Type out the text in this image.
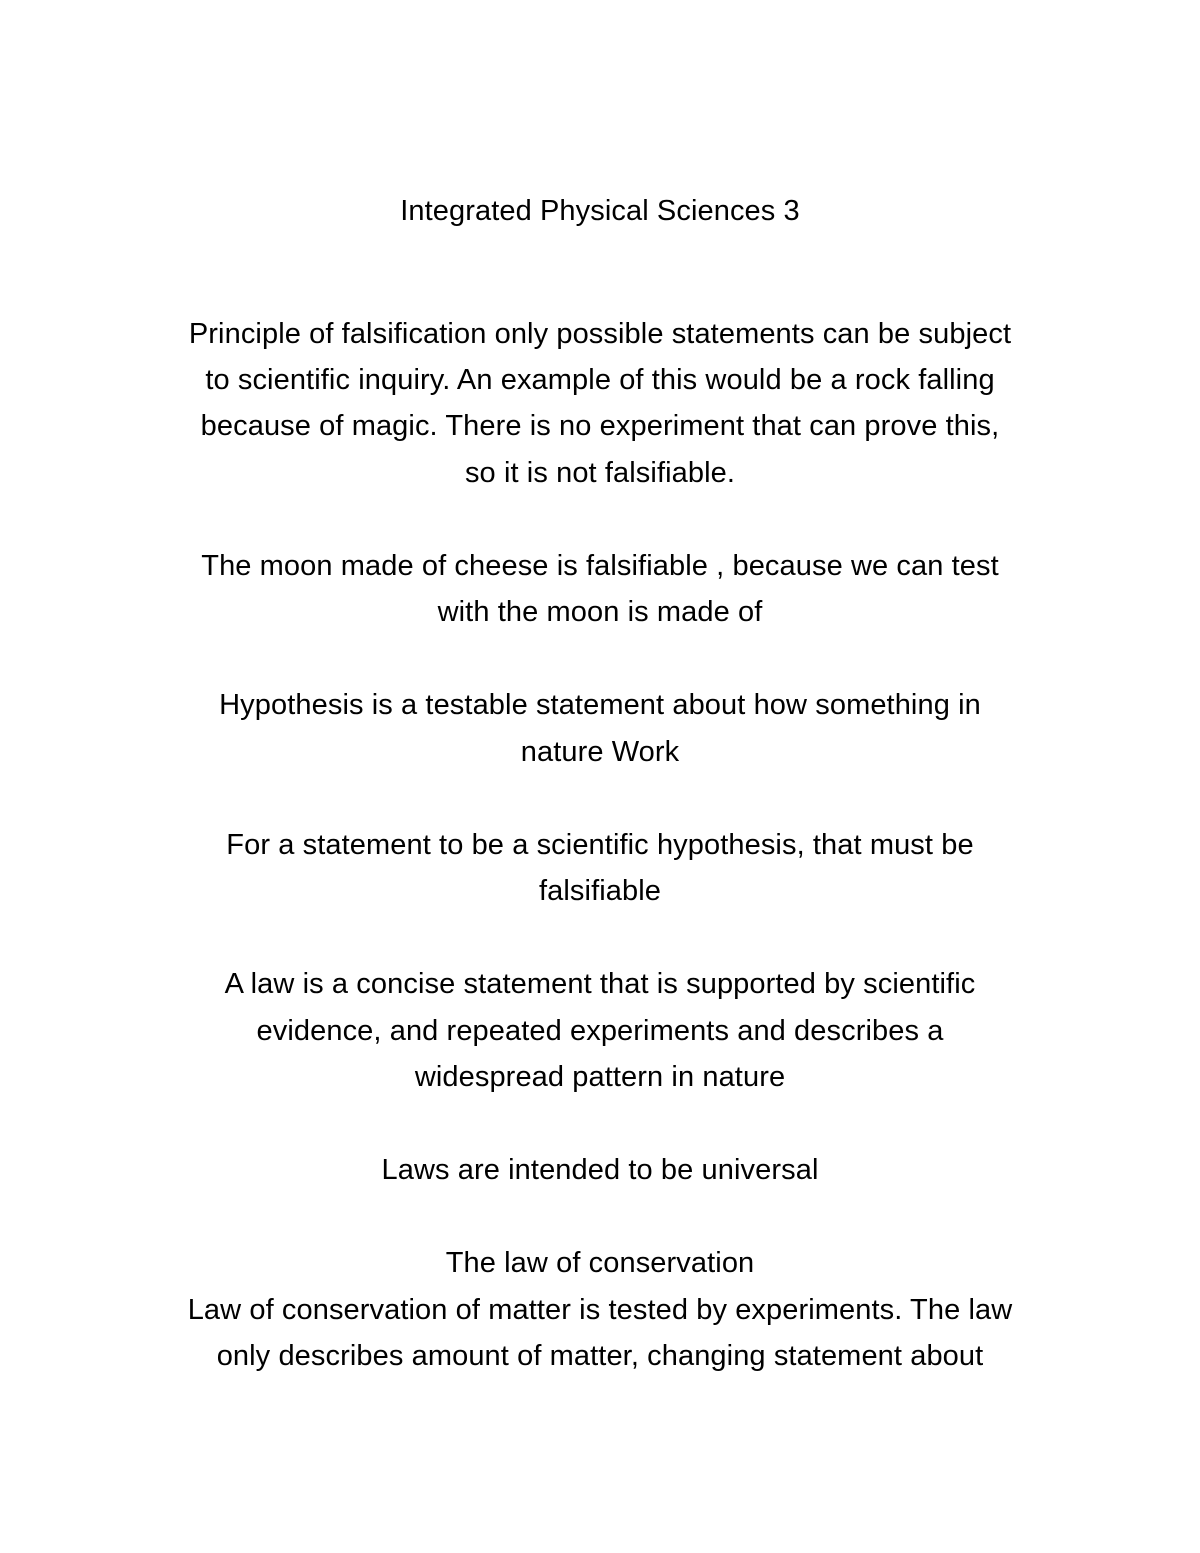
Integrated Physical Sciences 3
Principle of falsification only possible statements can be subject
to scientific inquiry. An example of this would be a rock falling
because of magic. There is no experiment that can prove this,
so it is not falsifiable.
The moon made of cheese is falsifiable , because we can test
with the moon is made of
Hypothesis is a testable statement about how something in
nature Work
For a statement to be a scientific hypothesis, that must be
falsifiable
A law is a concise statement that is supported by scientific
evidence, and repeated experiments and describes a
widespread pattern in nature
Laws are intended to be universal
The law of conservation
Law of conservation of matter is tested by experiments. The law
only describes amount of matter, changing statement about
